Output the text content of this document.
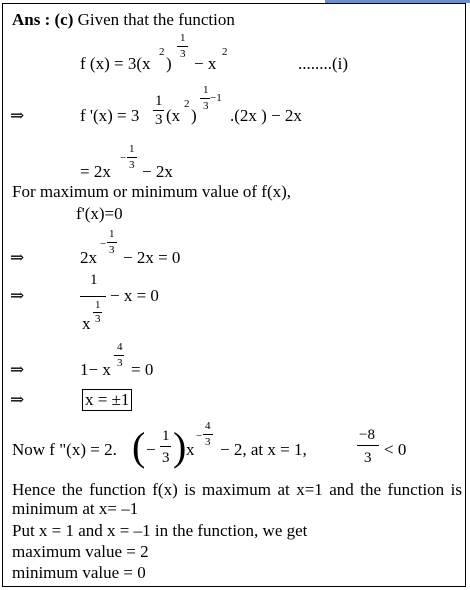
Ans : (c) Given that the function
f (x) = 3(x
2
)
1
3 − x
2
........(i)
⇒	f '(x) = 3
1
3 (x
2
)
1
−1
3 .(2x ) − 2x
= 2x
−
1
3 − 2x
For maximum or minimum value of f(x),
f'(x)=0
⇒	2x
−
1
3 − 2x = 0
⇒
1
x
1
3
− x = 0
⇒	1− x
4
3 = 0
⇒	x = ±1
Now f "(x) = 2. ( −
1
3 ) x
−
4
3 − 2, at x = 1,
−8
3 < 0
Hence the function f(x) is maximum at x=1 and the function is minimum at x= –1
Put x = 1 and x = –1 in the function, we get
maximum value = 2
minimum value = 0
